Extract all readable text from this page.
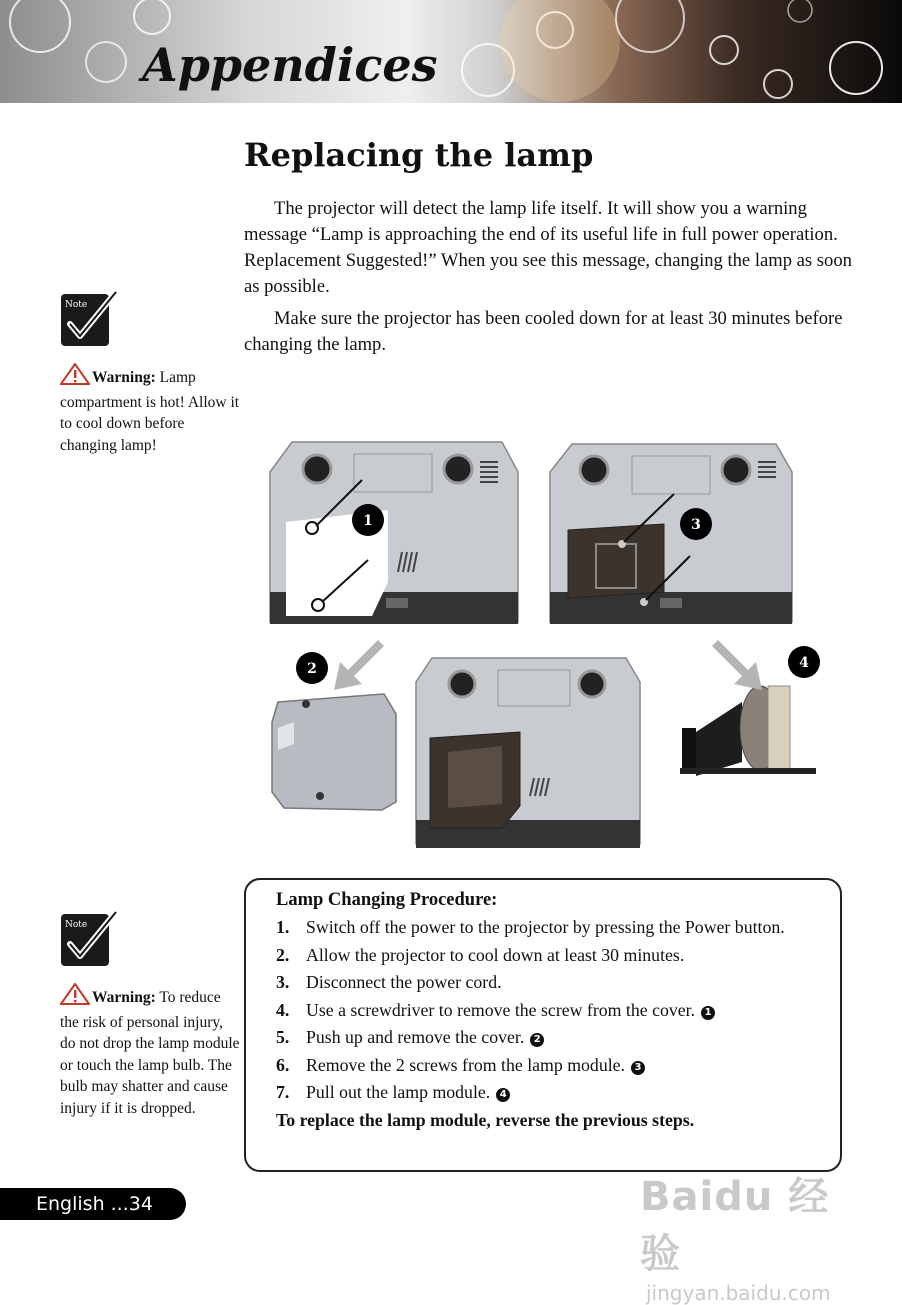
Appendices
Replacing the lamp

The projector will detect the lamp life itself. It will show you a warning message “Lamp is approaching the end of its useful life in full power operation. Replacement Suggested!” When you see this message, changing the lamp as soon as possible.

Make sure the projector has been cooled down for at least 30 minutes before changing the lamp.

Note
Warning: Lamp compartment is hot! Allow it to cool down before changing lamp!
1
2
3
4
Note
Warning: To reduce the risk of personal injury, do not drop the lamp module or touch the lamp bulb. The bulb may shatter and cause injury if it is dropped.
Lamp Changing Procedure:
1. Switch off the power to the projector by pressing the Power button.
2. Allow the projector to cool down at least 30 minutes.
3. Disconnect the power cord.
4. Use a screwdriver to remove the screw from the cover. 1
5. Push up and remove the cover. 2
6. Remove the 2 screws from the lamp module. 3
7. Pull out the lamp module. 4
To replace the lamp module, reverse the previous steps.
English ...34	Baidu 经验
jingyan.baidu.com
